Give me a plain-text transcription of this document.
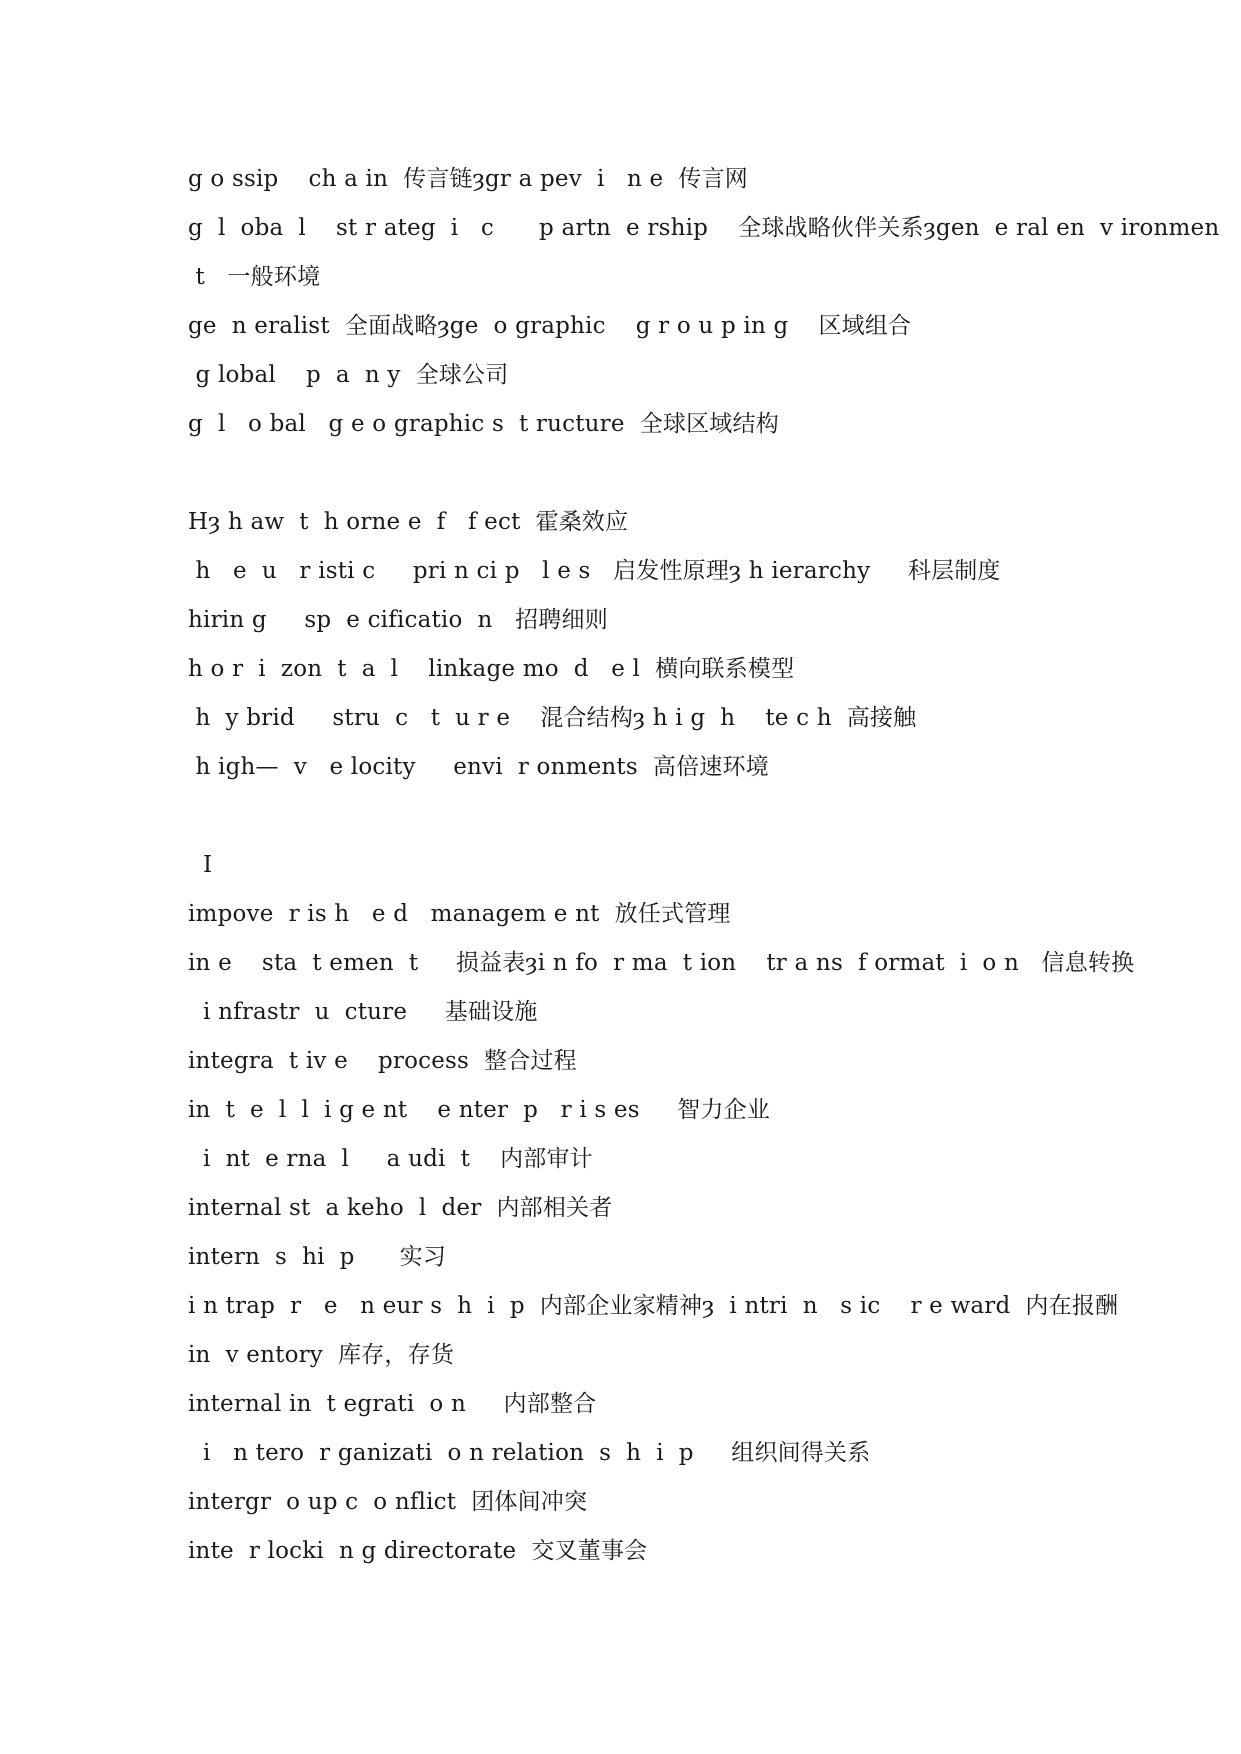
g o ssip    ch a in  传言链ȝgr a pev  i   n e  传言网
g  l  oba  l    st r ateg  i   c      p artn  e rship    全球战略伙伴关系ȝgen  e ral en  v ironmen
t   一般环境
ge  n eralist  全面战略ȝge  o graphic    g r o u p in g    区域组合
g lobal    p  a  n y  全球公司
g  l   o bal   g e o graphic s  t ructure  全球区域结构
Hȝ h aw  t  h orne e  f   f ect  霍桑效应
h   e  u   r isti c     pri n ci p   l e s   启发性原理ȝ h ierarchy     科层制度
hirin g     sp  e cificatio  n   招聘细则
h o r  i  zon  t  a  l    linkage mo  d   e l  横向联系模型
h  y brid     stru  c   t  u r e    混合结构ȝ h i g  h    te c h  高接触
h igh—  v   e locity     envi  r onments  高倍速环境
I
impove  r is h   e d   managem e nt  放任式管理
in e    sta  t emen  t     损益表ȝi n fo  r ma  t ion    tr a ns  f ormat  i  o n   信息转换
i nfrastr  u  cture     基础设施
integra  t iv e    process  整合过程
in  t  e  l  l  i g e nt    e nter  p   r i s es     智力企业
i  nt  e rna  l     a udi  t    内部审计
internal st  a keho  l  der  内部相关者
intern  s  hi  p      实习
i n trap  r   e   n eur s  h  i  p  内部企业家精神ȝ  i ntri  n   s ic    r e ward  内在报酬
in  v entory  库存，存货
internal in  t egrati  o n     内部整合
i   n tero  r ganizati  o n relation  s  h  i  p     组织间得关系
intergr  o up c  o nflict  团体间冲突
inte  r locki  n g directorate  交叉董事会
